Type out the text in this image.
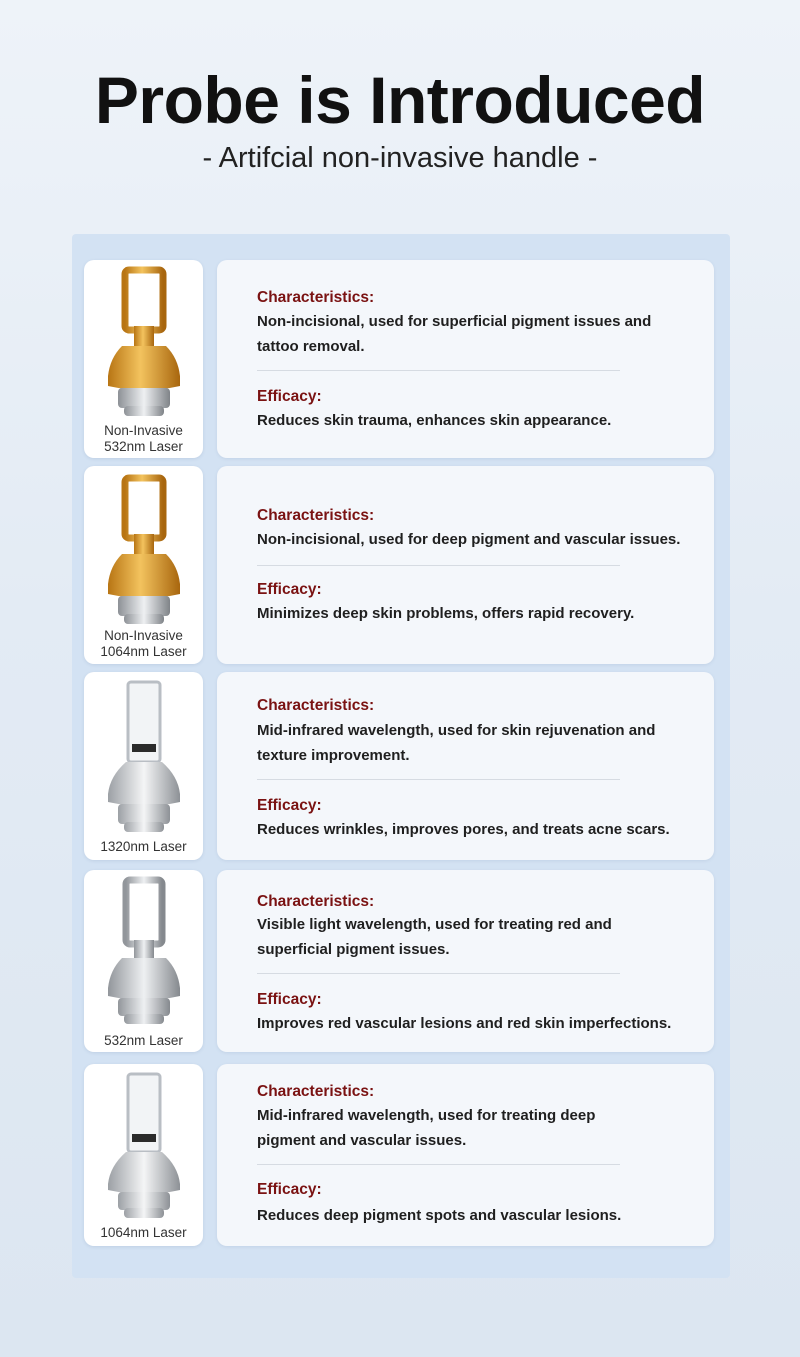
Probe is Introduced
- Artifcial non-invasive handle -
Non-Invasive
532nm Laser
Characteristics:
Non-incisional, used for superficial pigment issues and
tattoo removal.
Efficacy:
Reduces skin trauma, enhances skin appearance.
Non-Invasive
1064nm Laser
Characteristics:
Non-incisional, used for deep pigment and vascular issues.
Efficacy:
Minimizes deep skin problems, offers rapid recovery.
1320nm Laser
Characteristics:
Mid-infrared wavelength, used for skin rejuvenation and
texture improvement.
Efficacy:
Reduces wrinkles, improves pores, and treats acne scars.
532nm Laser
Characteristics:
Visible light wavelength, used for treating red and
superficial pigment issues.
Efficacy:
Improves red vascular lesions and red skin imperfections.
1064nm Laser
Characteristics:
Mid-infrared wavelength, used for treating deep
pigment and vascular issues.
Efficacy:
Reduces deep pigment spots and vascular lesions.
